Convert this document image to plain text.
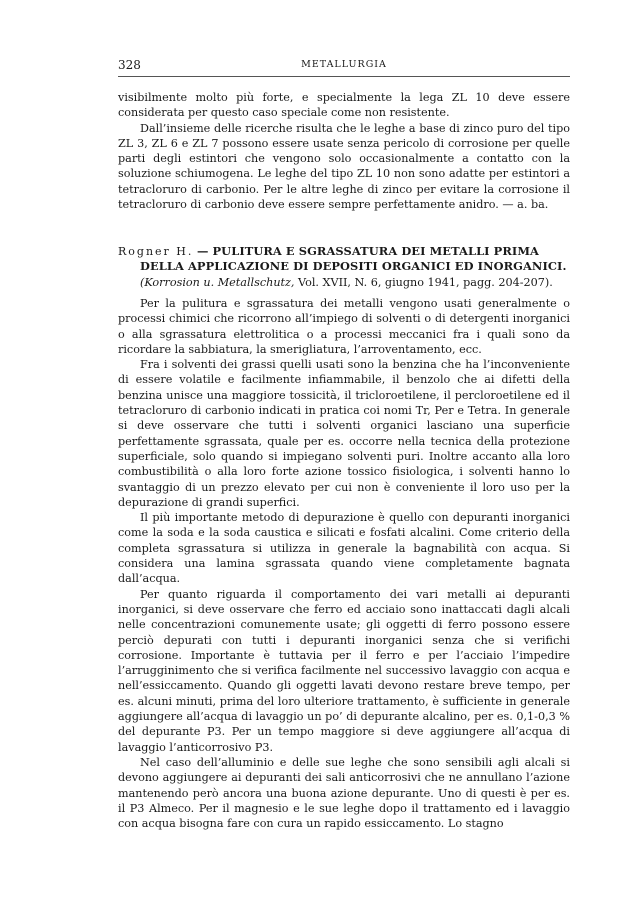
328	METALLURGIA

visibilmente molto più forte, e specialmente la lega ZL 10 deve essere considerata per questo caso speciale come non resistente.

Dall’insieme delle ricerche risulta che le leghe a base di zinco puro del tipo ZL 3, ZL 6 e ZL 7 possono essere usate senza pericolo di corrosione per quelle parti degli estintori che vengono solo occasionalmente a contatto con la soluzione schiumogena. Le leghe del tipo ZL 10 non sono adatte per estintori a tetracloruro di carbonio. Per le altre leghe di zinco per evitare la corrosione il tetracloruro di carbonio deve essere sempre perfettamente anidro. — a. ba.

Rogner H. — PULITURA E SGRASSATURA DEI METALLI PRIMA
DELLA APPLICAZIONE DI DEPOSITI ORGANICI ED INORGANICI.
(Korrosion u. Metallschutz, Vol. XVII, N. 6, giugno 1941, pagg. 204-207).

Per la pulitura e sgrassatura dei metalli vengono usati generalmente o processi chimici che ricorrono all’impiego di solventi o di detergenti inorganici o alla sgrassatura elettrolitica o a processi meccanici fra i quali sono da ricordare la sabbiatura, la smerigliatura, l’arroventamento, ecc.

Fra i solventi dei grassi quelli usati sono la benzina che ha l’inconveniente di essere volatile e facilmente infiammabile, il benzolo che ai difetti della benzina unisce una maggiore tossicità, il tricloroetilene, il percloroetilene ed il tetracloruro di carbonio indicati in pratica coi nomi Tr, Per e Tetra. In generale si deve osservare che tutti i solventi organici lasciano una superficie perfettamente sgrassata, quale per es. occorre nella tecnica della protezione superficiale, solo quando si impiegano solventi puri. Inoltre accanto alla loro combustibilità o alla loro forte azione tossico fisiologica, i solventi hanno lo svantaggio di un prezzo elevato per cui non è conveniente il loro uso per la depurazione di grandi superfici.

Il più importante metodo di depurazione è quello con depuranti inorganici come la soda e la soda caustica e silicati e fosfati alcalini. Come criterio della completa sgrassatura si utilizza in generale la bagnabilità con acqua. Si considera una lamina sgrassata quando viene completamente bagnata dall’acqua.

Per quanto riguarda il comportamento dei vari metalli ai depuranti inorganici, si deve osservare che ferro ed acciaio sono inattaccati dagli alcali nelle concentrazioni comunemente usate; gli oggetti di ferro possono essere perciò depurati con tutti i depuranti inorganici senza che si verifichi corrosione. Importante è tuttavia per il ferro e per l’acciaio l’impedire l’arrugginimento che si verifica facilmente nel successivo lavaggio con acqua e nell’essiccamento. Quando gli oggetti lavati devono restare breve tempo, per es. alcuni minuti, prima del loro ulteriore trattamento, è sufficiente in generale aggiungere all’acqua di lavaggio un po’ di depurante alcalino, per es. 0,1-0,3 % del depurante P3. Per un tempo maggiore si deve aggiungere all’acqua di lavaggio l’anticorrosivo P3.

Nel caso dell’alluminio e delle sue leghe che sono sensibili agli alcali si devono aggiungere ai depuranti dei sali anticorrosivi che ne annullano l’azione mantenendo però ancora una buona azione depurante. Uno di questi è per es. il P3 Almeco. Per il magnesio e le sue leghe dopo il trattamento ed i lavaggio con acqua bisogna fare con cura un rapido essiccamento. Lo stagno
